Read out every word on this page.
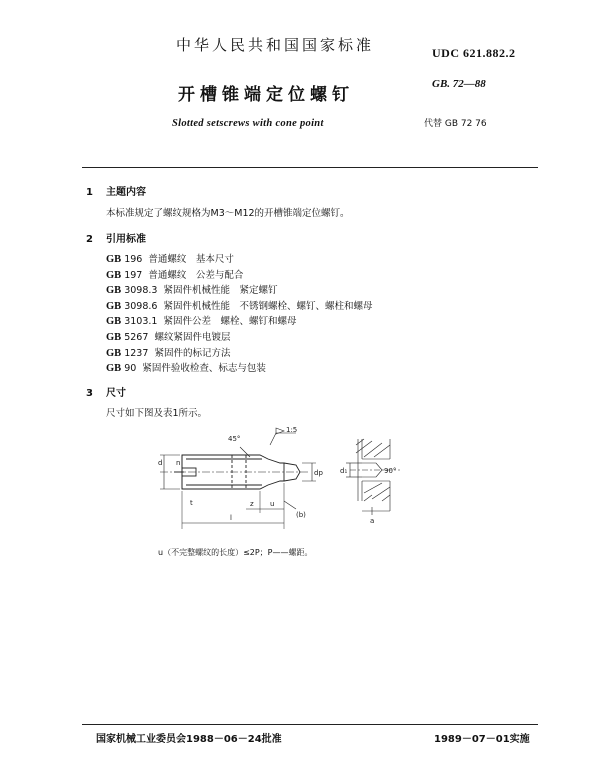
中华人民共和国国家标准	UDC 621.882.2
开槽锥端定位螺钉
GB. 72—88
Slotted setscrews with cone point	代替 GB 72 76
1 主题内容
本标准规定了螺纹规格为M3～M12的开槽锥端定位螺钉。
2 引用标准
GB 196 普通螺纹　基本尺寸
GB 197 普通螺纹　公差与配合
GB 3098.3 紧固件机械性能　紧定螺钉
GB 3098.6 紧固件机械性能　不锈钢螺栓、螺钉、螺柱和螺母
GB 3103.1 紧固件公差　螺栓、螺钉和螺母
GB 5267 螺纹紧固件电镀层
GB 1237 紧固件的标记方法
GB 90 紧固件验收检查、标志与包装
3 尺寸
尺寸如下图及表1所示。
d
dp
45°
1:5
n
t
l
z u
(b)
d₁	90°
a
u（不完整螺纹的长度）≤2P；P——螺距。
国家机械工业委员会1988－06－24批准	1989－07－01实施
